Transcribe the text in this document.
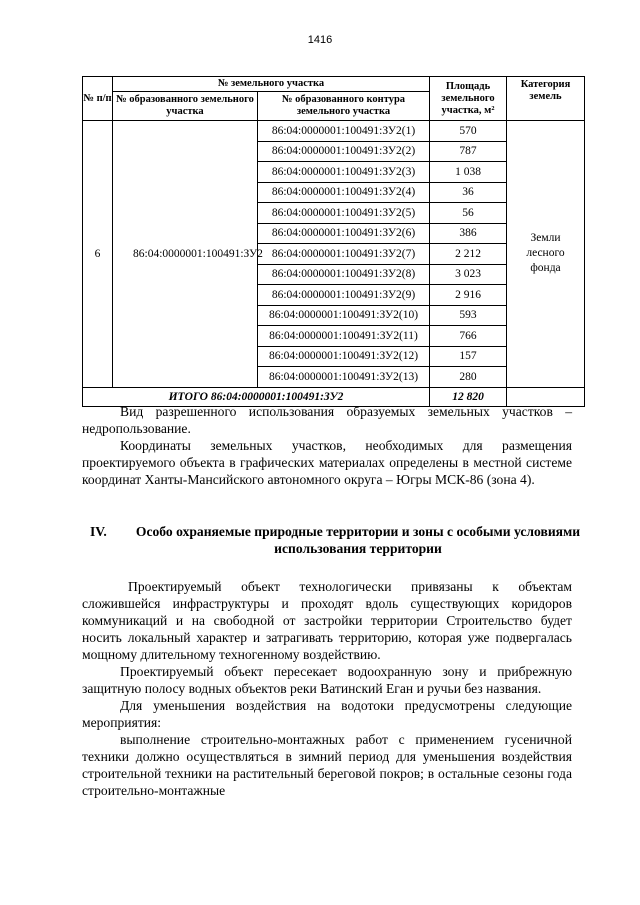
1416
№ п/п	№ земельного участка		Площадь земельного участка, м²	Категория земель
	№ образованного земельного участка	№ образованного контура земельного участка		
6	86:04:0000001:100491:ЗУ2	86:04:0000001:100491:ЗУ2(1)	570	Земли лесного фонда
		86:04:0000001:100491:ЗУ2(2)	787	
		86:04:0000001:100491:ЗУ2(3)	1 038	
		86:04:0000001:100491:ЗУ2(4)	36	
		86:04:0000001:100491:ЗУ2(5)	56	
		86:04:0000001:100491:ЗУ2(6)	386	
		86:04:0000001:100491:ЗУ2(7)	2 212	
		86:04:0000001:100491:ЗУ2(8)	3 023	
		86:04:0000001:100491:ЗУ2(9)	2 916	
		86:04:0000001:100491:ЗУ2(10)	593	
		86:04:0000001:100491:ЗУ2(11)	766	
		86:04:0000001:100491:ЗУ2(12)	157	
		86:04:0000001:100491:ЗУ2(13)	280	
ИТОГО 86:04:0000001:100491:ЗУ2			12 820	

Вид разрешенного использования образуемых земельных участков – недропользование.

Координаты земельных участков, необходимых для размещения проектируемого объекта в графических материалах определены в местной системе координат Ханты-Мансийского автономного округа – Югры МСК-86 (зона 4).

IV. Особо охраняемые природные территории и зоны с особыми условиями использования территории

Проектируемый объект технологически привязаны к объектам сложившейся инфраструктуры и проходят вдоль существующих коридоров коммуникаций и на свободной от застройки территории Строительство будет носить локальный характер и затрагивать территорию, которая уже подвергалась мощному длительному техногенному воздействию.

Проектируемый объект пересекает водоохранную зону и прибрежную защитную полосу водных объектов реки Ватинский Еган и ручьи без названия.

Для уменьшения воздействия на водотоки предусмотрены следующие мероприятия:

выполнение строительно-монтажных работ с применением гусеничной техники должно осуществляться в зимний период для уменьшения воздействия строительной техники на растительный береговой покров; в остальные сезоны года строительно-монтажные
